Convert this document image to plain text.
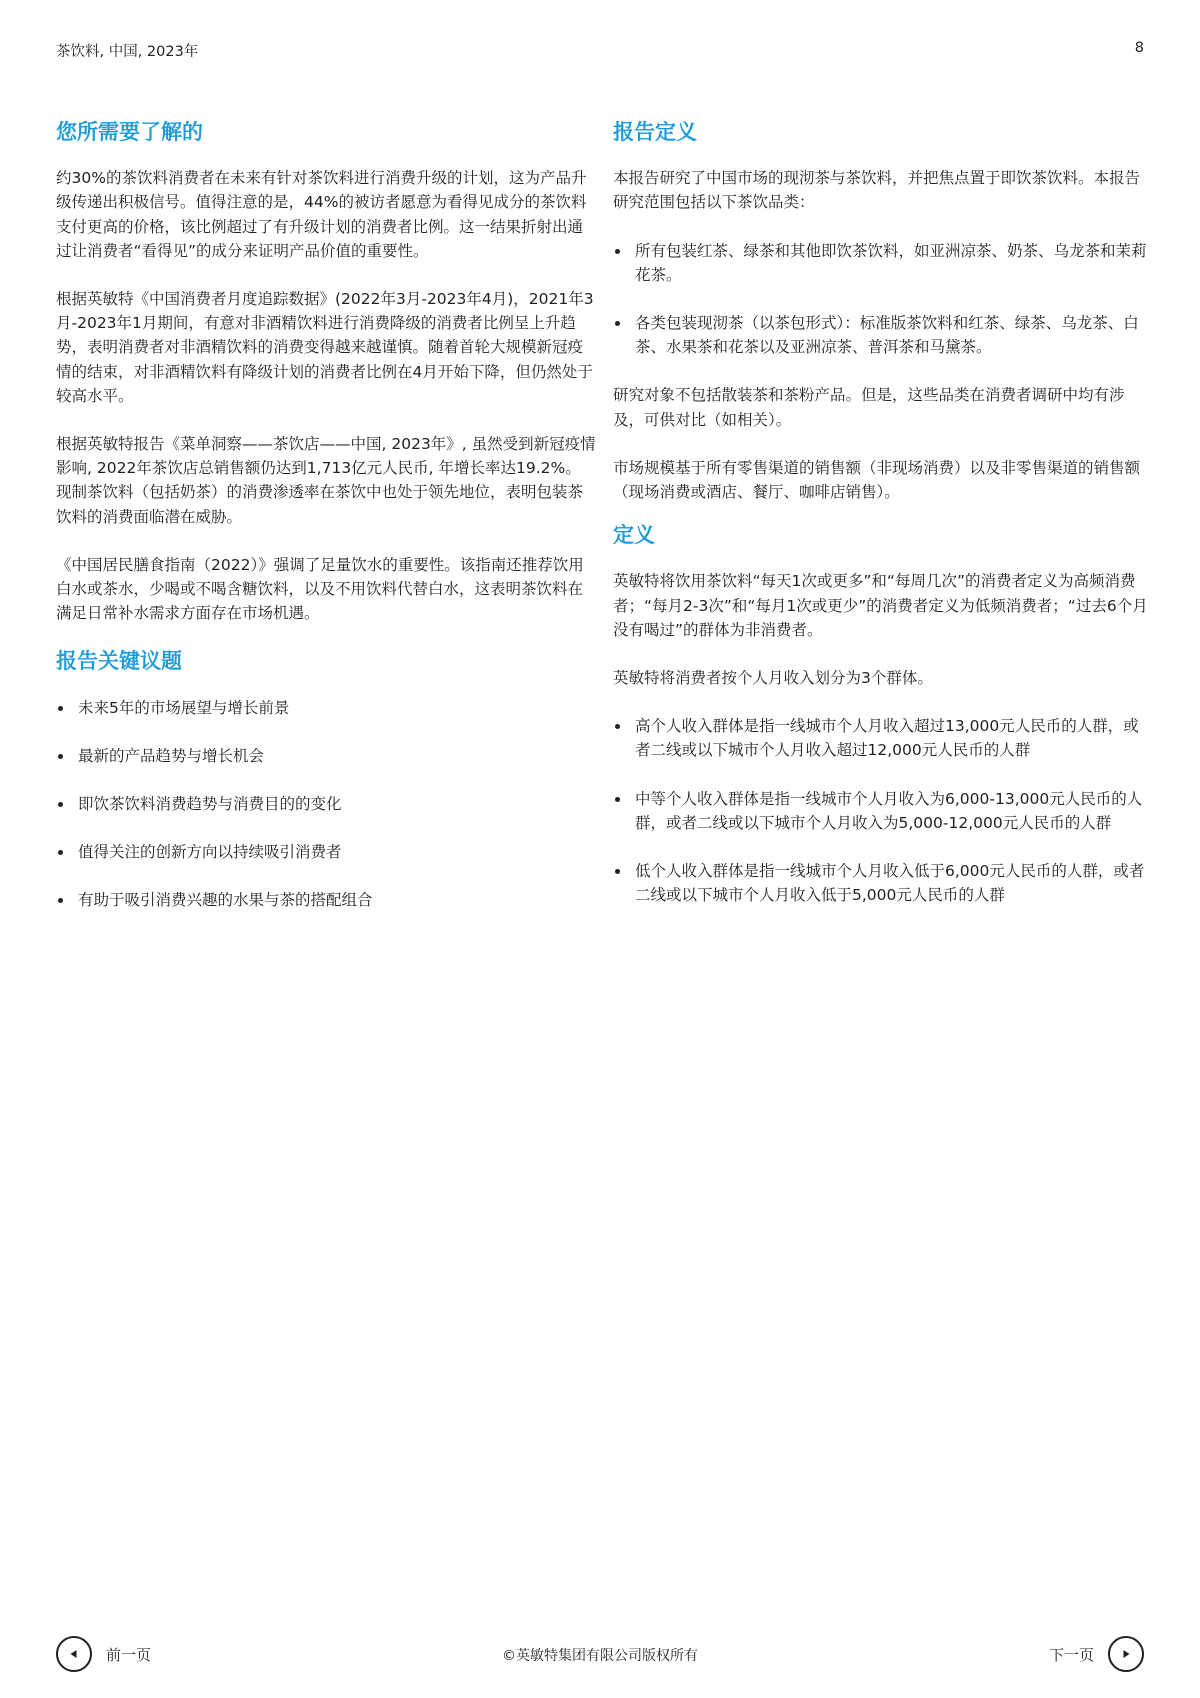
茶饮料, 中国, 2023年	8
您所需要了解的

约30%的茶饮料消费者在未来有针对茶饮料进行消费升级的计划，这为产品升级传递出积极信号。值得注意的是，44%的被访者愿意为看得见成分的茶饮料支付更高的价格，该比例超过了有升级计划的消费者比例。这一结果折射出通过让消费者“看得见”的成分来证明产品价值的重要性。

根据英敏特《中国消费者月度追踪数据》(2022年3月-2023年4月)，2021年3月-2023年1月期间，有意对非酒精饮料进行消费降级的消费者比例呈上升趋势，表明消费者对非酒精饮料的消费变得越来越谨慎。随着首轮大规模新冠疫情的结束，对非酒精饮料有降级计划的消费者比例在4月开始下降，但仍然处于较高水平。

根据英敏特报告《菜单洞察——茶饮店——中国, 2023年》, 虽然受到新冠疫情影响, 2022年茶饮店总销售额仍达到1,713亿元人民币, 年增长率达19.2%。现制茶饮料（包括奶茶）的消费渗透率在茶饮中也处于领先地位，表明包装茶饮料的消费面临潜在威胁。

《中国居民膳食指南（2022）》强调了足量饮水的重要性。该指南还推荐饮用白水或茶水，少喝或不喝含糖饮料，以及不用饮料代替白水，这表明茶饮料在满足日常补水需求方面存在市场机遇。

报告关键议题
未来5年的市场展望与增长前景
最新的产品趋势与增长机会
即饮茶饮料消费趋势与消费目的的变化
值得关注的创新方向以持续吸引消费者
有助于吸引消费兴趣的水果与茶的搭配组合
报告定义

本报告研究了中国市场的现沏茶与茶饮料，并把焦点置于即饮茶饮料。本报告研究范围包括以下茶饮品类：

所有包装红茶、绿茶和其他即饮茶饮料，如亚洲凉茶、奶茶、乌龙茶和茉莉花茶。
各类包装现沏茶（以茶包形式）：标准版茶饮料和红茶、绿茶、乌龙茶、白茶、水果茶和花茶以及亚洲凉茶、普洱茶和马黛茶。

研究对象不包括散装茶和茶粉产品。但是，这些品类在消费者调研中均有涉及，可供对比（如相关）。

市场规模基于所有零售渠道的销售额（非现场消费）以及非零售渠道的销售额（现场消费或酒店、餐厅、咖啡店销售）。

定义

英敏特将饮用茶饮料“每天1次或更多”和“每周几次”的消费者定义为高频消费者；“每月2-3次”和“每月1次或更少”的消费者定义为低频消费者；“过去6个月没有喝过”的群体为非消费者。

英敏特将消费者按个人月收入划分为3个群体。

高个人收入群体是指一线城市个人月收入超过13,000元人民币的人群，或者二线或以下城市个人月收入超过12,000元人民币的人群
中等个人收入群体是指一线城市个人月收入为6,000-13,000元人民币的人群，或者二线或以下城市个人月收入为5,000-12,000元人民币的人群
低个人收入群体是指一线城市个人月收入低于6,000元人民币的人群，或者二线或以下城市个人月收入低于5,000元人民币的人群
前一页	©英敏特集团有限公司版权所有	下一页
